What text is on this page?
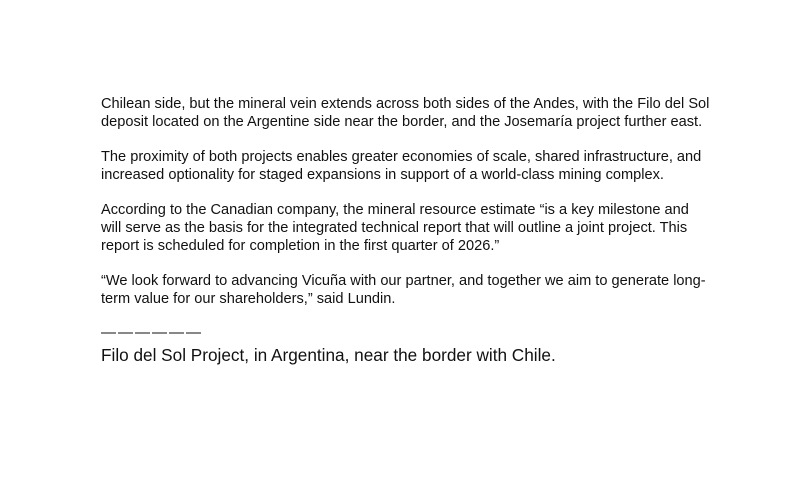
Chilean side, but the mineral vein extends across both sides of the Andes, with the Filo del Sol deposit located on the Argentine side near the border, and the Josemaría project further east.

The proximity of both projects enables greater economies of scale, shared infrastructure, and increased optionality for staged expansions in support of a world-class mining complex.

According to the Canadian company, the mineral resource estimate “is a key milestone and will serve as the basis for the integrated technical report that will outline a joint project. This report is scheduled for completion in the first quarter of 2026.”

“We look forward to advancing Vicuña with our partner, and together we aim to generate long-term value for our shareholders,” said Lundin.

——————
Filo del Sol Project, in Argentina, near the border with Chile.
